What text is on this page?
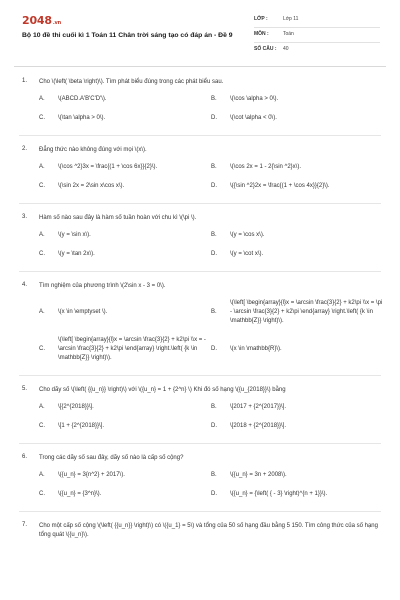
2048.vn
Bộ 10 đề thi cuối kì 1 Toán 11 Chân trời sáng tạo có đáp án - Đề 9
LỚP :	Lớp 11
MÔN :	Toán
SỐ CÂU : 40
1. Cho \(\left( \beta \right)\). Tìm phát biểu đúng trong các phát biểu sau.
A. \(ABCD.A'B'C'D'\).	B. \(\cos \alpha > 0\).
C. \(\tan \alpha > 0\).	D. \(\cot \alpha < 0\).
2. Đẳng thức nào không đúng với mọi \(x\).
A. \(\cos ^2}3x = \frac{(1 + \cos 6x}}{2}\).	B. \(\cos 2x = 1 - 2{\sin ^2}x\).
C. \(\sin 2x = 2\sin x\cos x\).	D. \({\sin ^2}2x = \frac{(1 + \cos 4x}}{2}\).
3. Hàm số nào sau đây là hàm số tuần hoàn với chu kì \(\pi \).
A. \(y = \sin x\).	B. \(y = \cos x\).
C. \(y = \tan 2x\).	D. \(y = \cot x\).
4. Tìm nghiệm của phương trình \(2\sin x - 3 = 0\).
A. \(x \in \emptyset \).	B.
\(\left[ \begin{array}{l}x = \arcsin \frac{3}{2} + k2\pi \\x = \pi - \arcsin \frac{3}{2} + k2\pi \end{array} \right.\left( {k \in \mathbb{Z}} \right)\).
C.
\(\left[ \begin{array}{l}x = \arcsin \frac{3}{2} + k2\pi \\x = - \arcsin \frac{3}{2} + k2\pi \end{array} \right.\left( {k \in \mathbb{Z}} \right)\).
D. \(x \in \mathbb{R}\).
5. Cho dãy số \(\left( {{u_n}} \right)\) với \({u_n} = 1 + {2^n} \) Khi đó số hạng \({u_{2018}}\) bằng
A. \[{2^{2018}}\].	B. \[2017 + {2^{2017}}\].
C. \[1 + {2^{2018}}\].	D. \[2018 + {2^{2018}}\].
6. Trong các dãy số sau đây, dãy số nào là cấp số cộng?
A. \({u_n} = 3{n^2} + 2017\).	B. \({u_n} = 3n + 2008\).
C. \({u_n} = {3^n}\).	D. \({u_n} = {\left( { - 3} \right)^{n + 1}}\).
7. Cho một cấp số cộng \(\left( {{u_n}} \right)\) có \({u_1} = 5\) và tổng của 50 số hạng đầu bằng 5 150. Tìm công thức của số hạng tổng quát \({u_n}\).
